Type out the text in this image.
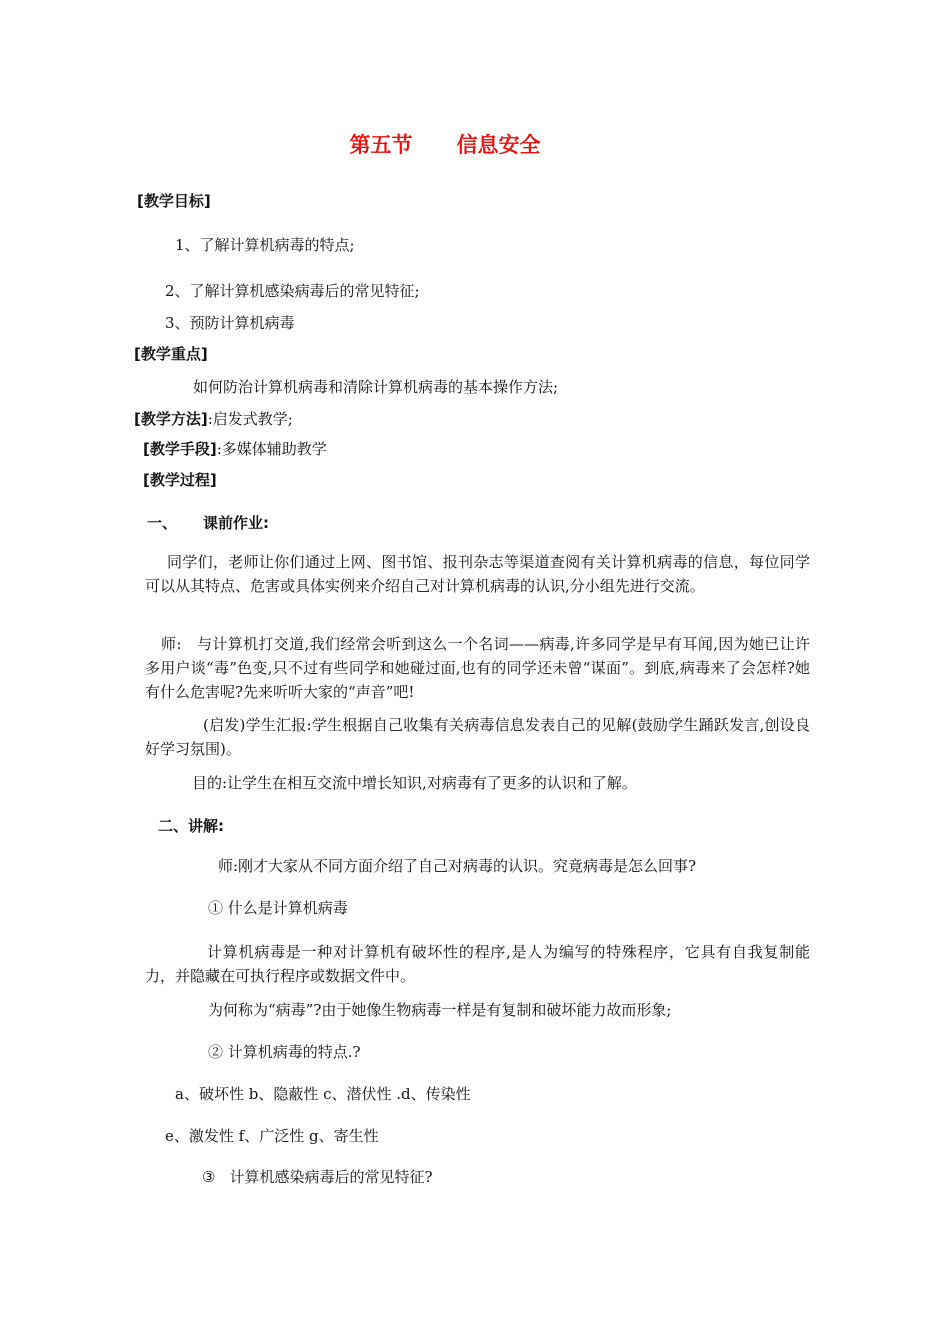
第五节 信息安全
[教学目标]
1、了解计算机病毒的特点;
2、了解计算机感染病毒后的常见特征;
3、预防计算机病毒
[教学重点]
如何防治计算机病毒和清除计算机病毒的基本操作方法;
[教学方法]:启发式教学;
[教学手段]:多媒体辅助教学
[教学过程]
一、 课前作业:
同学们，老师让你们通过上网、图书馆、报刊杂志等渠道查阅有关计算机病毒的信息，每位同学可以从其特点、危害或具体实例来介绍自己对计算机病毒的认识,分小组先进行交流。
师:　与计算机打交道,我们经常会听到这么一个名词——病毒,许多同学是早有耳闻,因为她已让许多用户谈“毒”色变,只不过有些同学和她碰过面,也有的同学还未曾“谋面”。到底,病毒来了会怎样?她有什么危害呢?先来听听大家的“声音”吧!
(启发)学生汇报:学生根据自己收集有关病毒信息发表自己的见解(鼓励学生踊跃发言,创设良好学习氛围)。
目的:让学生在相互交流中增长知识,对病毒有了更多的认识和了解。
二、讲解:
师:刚才大家从不同方面介绍了自己对病毒的认识。究竟病毒是怎么回事?
① 什么是计算机病毒
计算机病毒是一种对计算机有破坏性的程序,是人为编写的特殊程序，它具有自我复制能力，并隐藏在可执行程序或数据文件中。
为何称为“病毒”?由于她像生物病毒一样是有复制和破坏能力故而形象;
② 计算机病毒的特点.?
a、破坏性 b、隐蔽性 c、潜伏性 .d、传染性
e、激发性 f、广泛性 g、寄生性
③ 计算机感染病毒后的常见特征?
